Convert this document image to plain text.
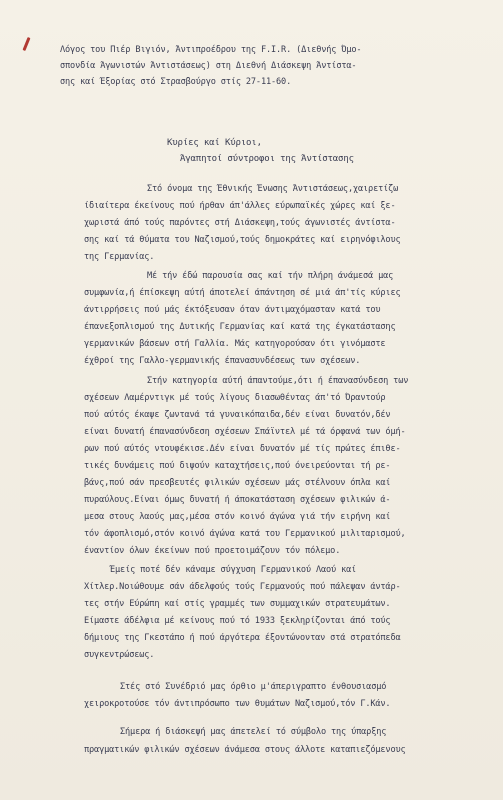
Λόγος του Πιέρ Βιγιόν, Άντιπροέδρου της F.I.R. (Διεθνής Όμο-
σπονδία Άγωνιστών Άντιστάσεως) στη Διεθνή Διάσκεψη Άντίστα-
σης καί Έξορίας στό Στρασβούργο στίς 27-11-60.
Κυρίες καί Κύριοι,
Άγαπητοί σύντροφοι της Άντίστασης
Στό όνομα της Έθνικής Ένωσης Άντιστάσεως,χαιρετίζω
ίδιαίτερα έκείνους πού ήρθαν άπ'άλλες εύρωπαϊκές χώρες καί ξε-
χωριστά άπό τούς παρόντες στή Διάσκεψη,τούς άγωνιστές άντίστα-
σης καί τά θύματα του Ναζισμού,τούς δημοκράτες καί ειρηνόφιλους
της Γερμανίας.
Μέ τήν έδώ παρουσία σας καί τήν πλήρη άνάμεσά μας
συμφωνία,ή έπίσκεψη αύτή άποτελεί άπάντηση σέ μιά άπ'τίς κύριες
άντιρρήσεις πού μάς έκτόξευσαν όταν άντιμαχόμασταν κατά του
έπανεξοπλισμού της Δυτικής Γερμανίας καί κατά της έγκατάστασης
γερμανικών βάσεων στή Γαλλία. Μάς κατηγορούσαν ότι γινόμαστε
έχθροί της Γαλλο-γερμανικής έπανασυνδέσεως των σχέσεων.
Στήν κατηγορία αύτή άπαντούμε,ότι ή έπανασύνδεση των
σχέσεων Λαμέρντιγκ μέ τούς λίγους διασωθέντας άπ'τό Όραντούρ
πού αύτός έκαψε ζωντανά τά γυναικόπαιδα,δέν είναι δυνατόν,δέν
είναι δυνατή έπανασύνδεση σχέσεων Σπάϊντελ μέ τά όρφανά των όμή-
ρων πού αύτός ντουφέκισε.Δέν είναι δυνατόν μέ τίς πρώτες έπιθε-
τικές δυνάμεις πού διψούν καταχτήσεις,πού όνειρεύονται τή ρε-
βάνς,πού σάν πρεσβευτές φιλικών σχέσεων μάς στέλνουν όπλα καί
πυραύλους.Είναι όμως δυνατή ή άποκατάσταση σχέσεων φιλικών ά-
μεσα στους λαούς μας,μέσα στόν κοινό άγώνα γιά τήν ειρήνη καί
τόν άφοπλισμό,στόν κοινό άγώνα κατά του Γερμανικού μιλιταρισμού,
έναντίον όλων έκείνων πού προετοιμάζουν τόν πόλεμο.
Έμείς ποτέ δέν κάναμε σύγχυση Γερμανικού Λαού καί
Χίτλερ.Νοιώθουμε σάν άδελφούς τούς Γερμανούς πού πάλεψαν άντάρ-
τες στήν Εύρώπη καί στίς γραμμές των συμμαχικών στρατευμάτων.
Είμαστε άδέλφια μέ κείνους πού τό 1933 ξεκληρίζονται άπό τούς
δήμιους της Γκεστάπο ή πού άργότερα έξοντώνονταν στά στρατόπεδα
συγκεντρώσεως.
Στές στό Συνέδριό μας όρθιο μ'άπεριγραπτο ένθουσιασμό
χειροκροτούσε τόν άντιπρόσωπο των θυμάτων Ναζισμού,τόν Γ.Κάν.
Σήμερα ή διάσκεψή μας άπετελεί τό σύμβολο της ύπαρξης
πραγματικών φιλικών σχέσεων άνάμεσα στους άλλοτε καταπιεζόμενους
